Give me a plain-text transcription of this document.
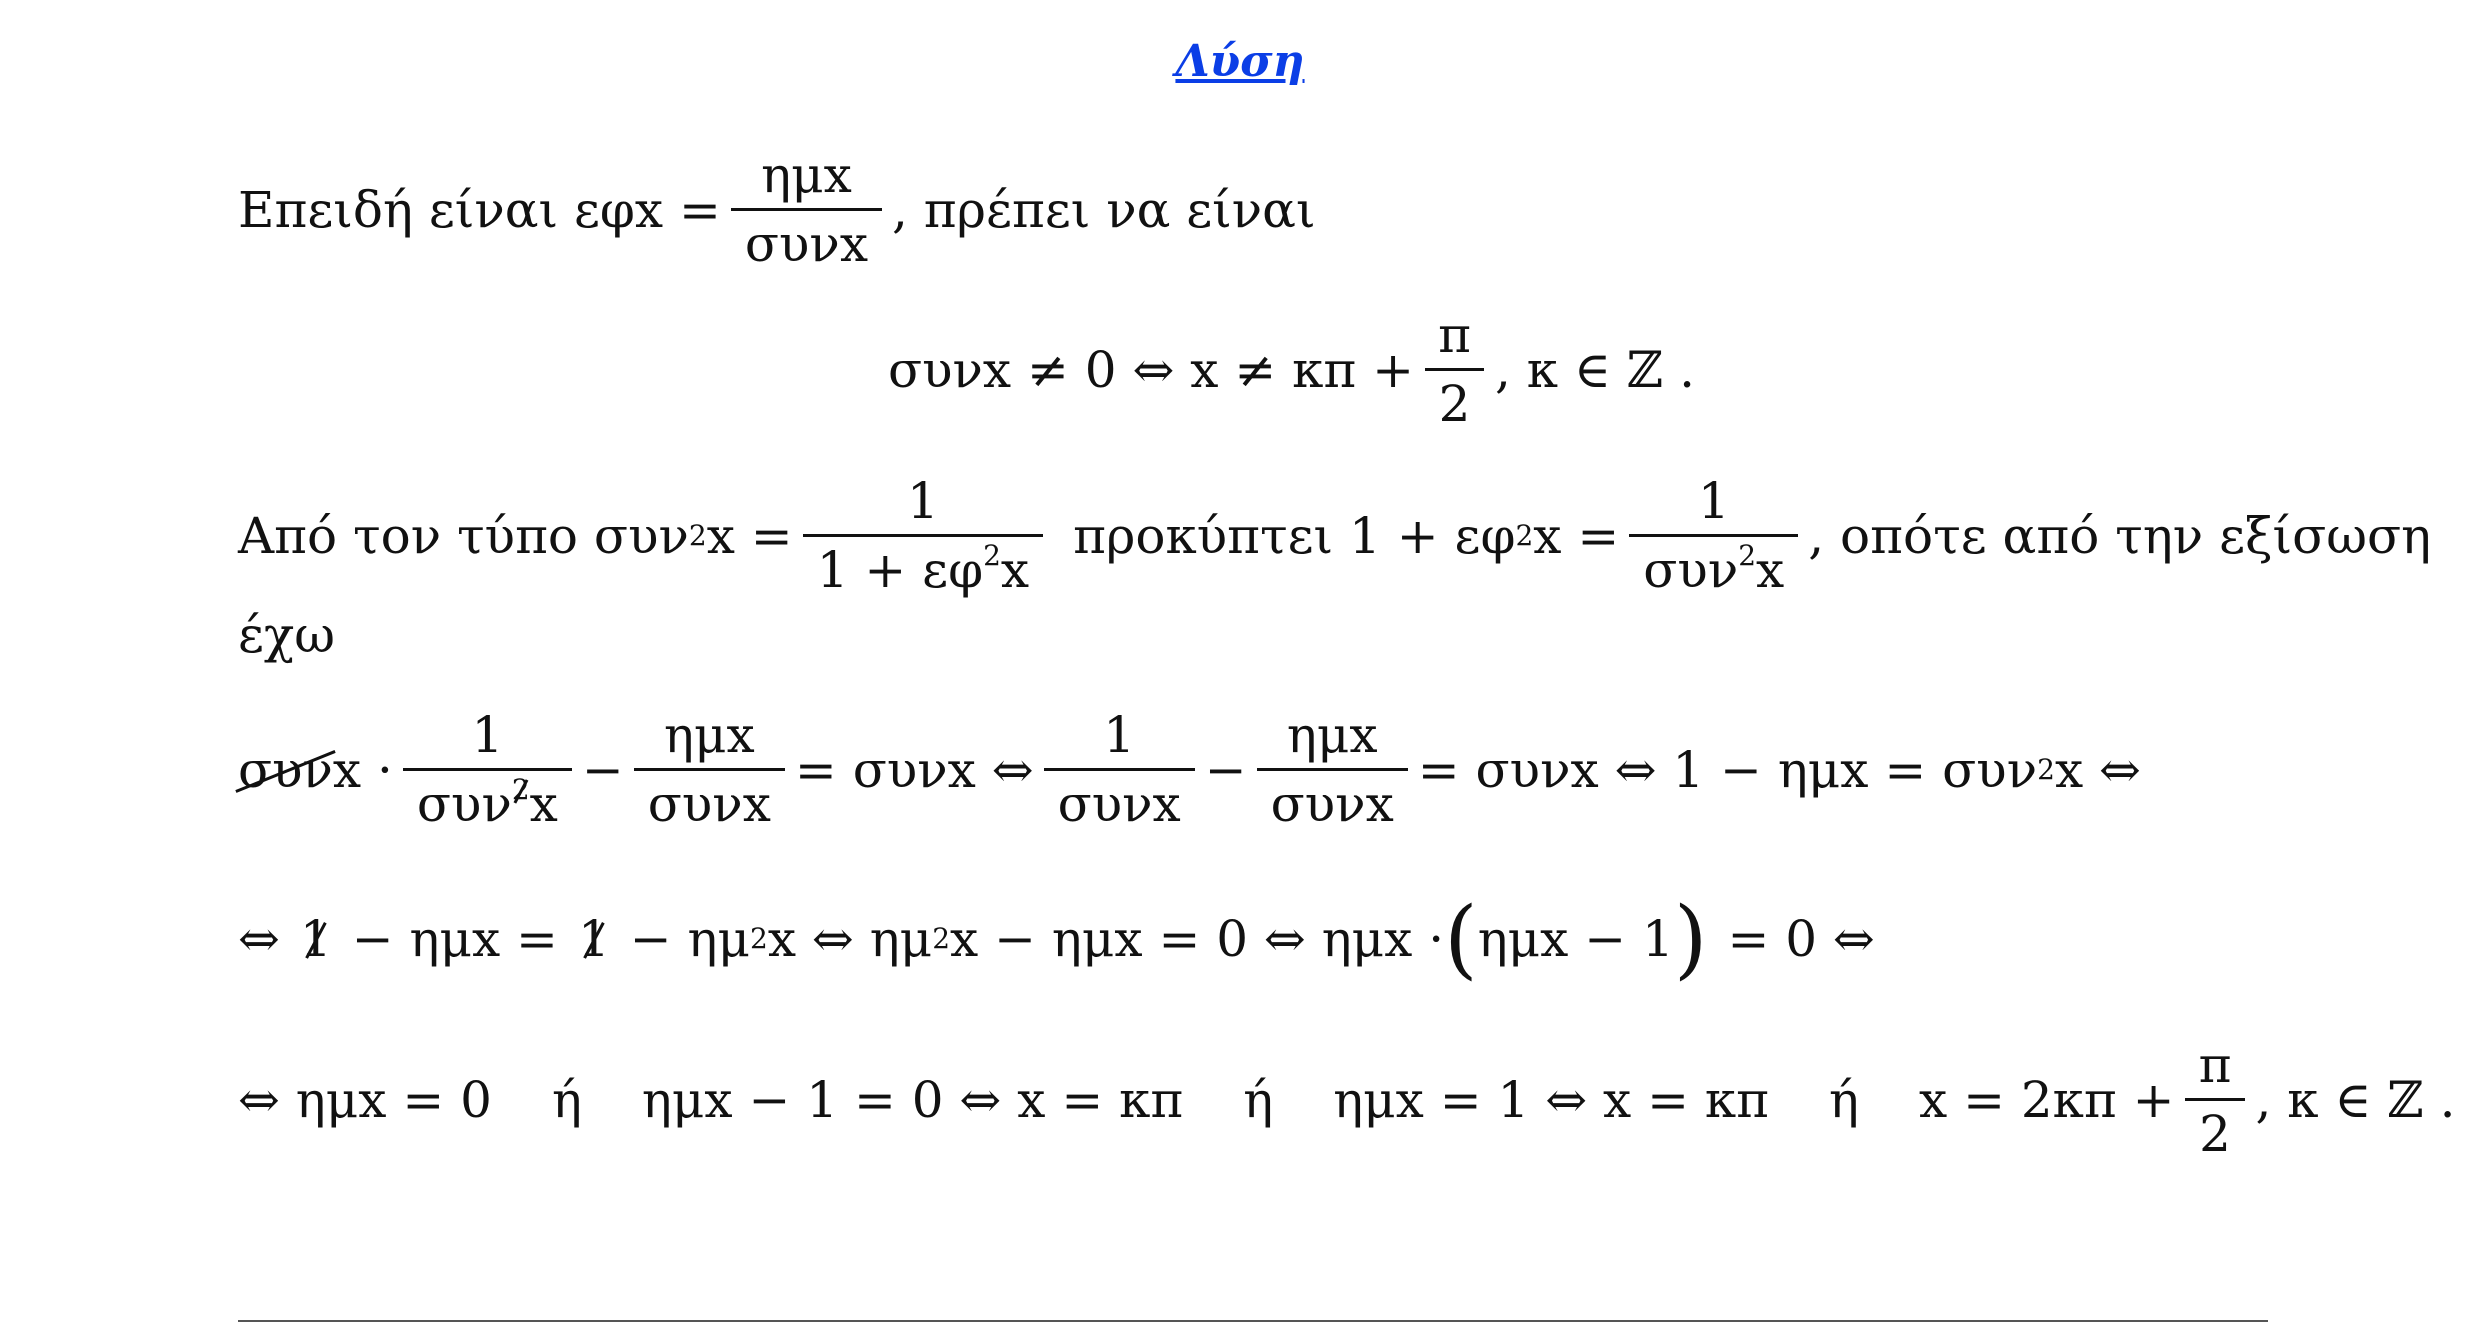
Λύση
Επειδή είναι $\varepsilon\varphi x = \frac{\text{ημx}}{\text{συνx}}$ , πρέπει να είναι
συνx ≠ 0 ⇔ $x \ne \kappa\pi + \frac{\pi}{2}$ , κ ∈ ℤ .
Από τον τύπο συν 2 $x = \frac{1}{1 + \varepsilon\varphi^2x}$ προκύπτει 1 + εφ 2 $x = \frac{1}{\sigma\upsilon\nu^2x}$ , οπότε από την εξίσωση
έχω
συν $x \cdot \frac{1}{\sigma\upsilon\nu^2x} - \frac{\text{ημx}}{\text{συνx}} = \sigma\upsilon\nu x$ ⇔ $\frac{1}{\text{συνx}} - \frac{\text{ημx}}{\text{συνx}} = \sigma\upsilon\nu x$ ⇔ 1 − ημx = συν 2 x ⇔
⇔ 1 − ημx = 1 − ημ 2 x ⇔ ημ 2 x − ημx = 0 ⇔ ημx · ( ημx − 1 ) = 0 ⇔
⇔ ημx = 0 ή ημx − 1 = 0 ⇔ x = κπ ή ημx = 1 ⇔ x = κπ ή $x = 2\kappa\pi + \frac{\pi}{2}$ , κ ∈ ℤ .
